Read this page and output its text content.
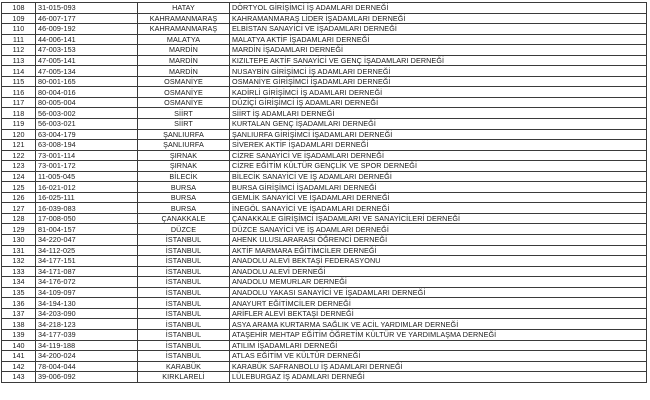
108	31-015-093	HATAY	DÖRTYOL GİRİŞİMCİ İŞ ADAMLARI DERNEĞİ
109	46-007-177	KAHRAMANMARAŞ	KAHRAMANMARAŞ LİDER İŞADAMLARI DERNEĞİ
110	46-009-192	KAHRAMANMARAŞ	ELBİSTAN SANAYİCİ VE İŞADAMLARI DERNEĞİ
111	44-006-141	MALATYA	MALATYA AKTİF İŞADAMLARI DERNEĞİ
112	47-003-153	MARDİN	MARDİN İŞADAMLARI DERNEĞİ
113	47-005-141	MARDİN	KIZILTEPE AKTİF SANAYİCİ VE GENÇ İŞADAMLARI DERNEĞİ
114	47-005-134	MARDİN	NUSAYBİN GİRİŞİMCİ İŞ ADAMLARI DERNEĞİ
115	80-001-165	OSMANİYE	OSMANİYE GİRİŞİMCİ İŞADAMLARI DERNEĞİ
116	80-004-016	OSMANİYE	KADİRLİ GİRİŞİMCİ İŞ ADAMLARI DERNEĞİ
117	80-005-004	OSMANİYE	DÜZİÇİ GİRİŞİMCİ İŞ ADAMLARI DERNEĞİ
118	56-003-002	SİİRT	SİİRT İŞ ADAMLARI DERNEĞİ
119	56-003-021	SİİRT	KURTALAN GENÇ İŞADAMLARI DERNEĞİ
120	63-004-179	ŞANLIURFA	ŞANLIURFA GİRİŞİMCİ İŞADAMLARI DERNEĞİ
121	63-008-194	ŞANLIURFA	SİVEREK AKTİF İŞADAMLARI DERNEĞİ
122	73-001-114	ŞIRNAK	CİZRE SANAYİCİ VE İŞADAMLARI DERNEĞİ
123	73-001-172	ŞIRNAK	CİZRE EĞİTİM KÜLTÜR GENÇLİK VE SPOR DERNEĞİ
124	11-005-045	BİLECİK	BİLECİK SANAYİCİ VE İŞ ADAMLARI DERNEĞİ
125	16-021-012	BURSA	BURSA GİRİŞİMCİ İŞADAMLARI DERNEĞİ
126	16-025-111	BURSA	GEMLİK SANAYİCİ VE İŞADAMLARI DERNEĞİ
127	16-039-083	BURSA	İNEGÖL SANAYİCİ VE İŞADAMLARI DERNEĞİ
128	17-008-050	ÇANAKKALE	ÇANAKKALE GİRİŞİMCİ İŞADAMLARI VE SANAYİCİLERİ DERNEĞİ
129	81-004-157	DÜZCE	DÜZCE SANAYİCİ VE İŞ ADAMLARI DERNEĞİ
130	34-220-047	İSTANBUL	AHENK ULUSLARARASI ÖĞRENCİ DERNEĞİ
131	34-112-025	İSTANBUL	AKTİF MARMARA EĞİTİMCİLER DERNEĞİ
132	34-177-151	İSTANBUL	ANADOLU ALEVİ BEKTAŞİ FEDERASYONU
133	34-171-087	İSTANBUL	ANADOLU ALEVİ DERNEĞİ
134	34-176-072	İSTANBUL	ANADOLU MEMURLAR DERNEĞİ
135	34-109-097	İSTANBUL	ANADOLU YAKASI SANAYİCİ VE İŞADAMLARI DERNEĞİ
136	34-194-130	İSTANBUL	ANAYURT EĞİTİMCİLER DERNEĞİ
137	34-203-090	İSTANBUL	ARİFLER ALEVİ BEKTAŞİ DERNEĞİ
138	34-218-123	İSTANBUL	ASYA ARAMA KURTARMA SAĞLIK VE ACİL YARDIMLAR DERNEĞİ
139	34-177-039	İSTANBUL	ATAŞEHİR MEHTAP EĞİTİM ÖĞRETİM KÜLTÜR VE YARDIMLAŞMA DERNEĞİ
140	34-119-188	İSTANBUL	ATILIM İŞADAMLARI DERNEĞİ
141	34-200-024	İSTANBUL	ATLAS EĞİTİM VE KÜLTÜR DERNEĞİ
142	78-004-044	KARABÜK	KARABÜK SAFRANBOLU İŞ ADAMLARI DERNEĞİ
143	39-006-092	KIRKLARELİ	LÜLEBURGAZ İŞ ADAMLARI DERNEĞİ
